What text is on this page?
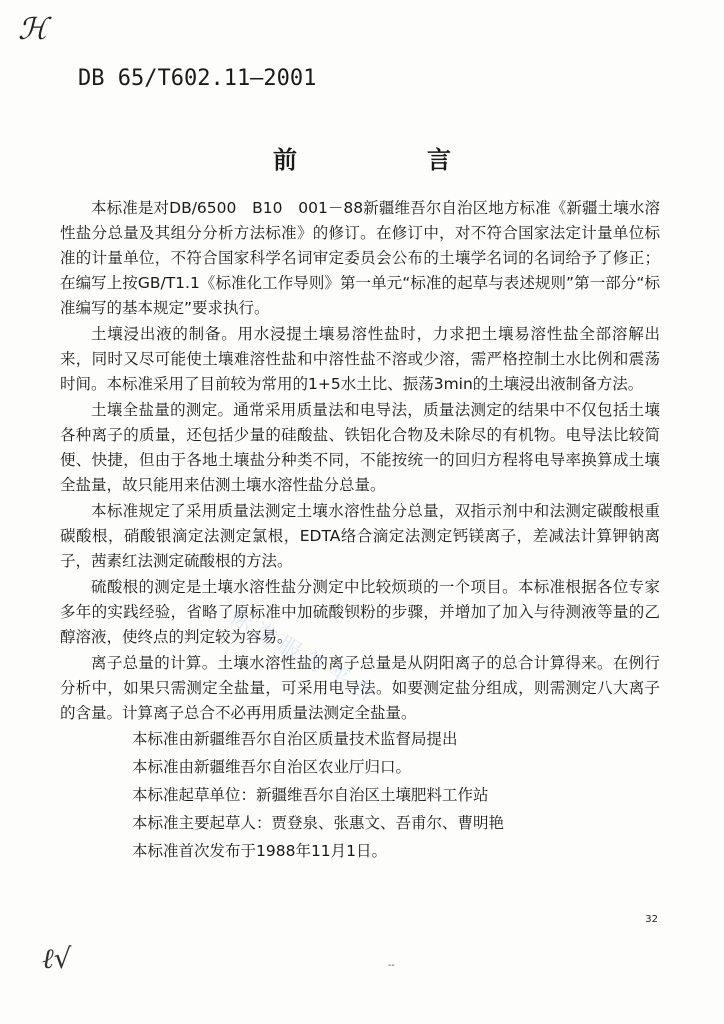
ℋ
DB 65/T602.11—2001
前言

本标准是对DB/6500　B10　001－88新疆维吾尔自治区地方标准《新疆土壤水溶性盐分总量及其组分分析方法标准》的修订。在修订中，对不符合国家法定计量单位标准的计量单位，不符合国家科学名词审定委员会公布的土壤学名词的名词给予了修正；在编写上按GB/T1.1《标准化工作导则》第一单元“标准的起草与表述规则”第一部分“标准编写的基本规定”要求执行。

土壤浸出液的制备。用水浸提土壤易溶性盐时，力求把土壤易溶性盐全部溶解出来，同时又尽可能使土壤难溶性盐和中溶性盐不溶或少溶，需严格控制土水比例和震荡时间。本标准采用了目前较为常用的1+5水土比、振荡3min的土壤浸出液制备方法。

土壤全盐量的测定。通常采用质量法和电导法，质量法测定的结果中不仅包括土壤各种离子的质量，还包括少量的硅酸盐、铁铝化合物及未除尽的有机物。电导法比较简便、快捷，但由于各地土壤盐分种类不同，不能按统一的回归方程将电导率换算成土壤全盐量，故只能用来估测土壤水溶性盐分总量。

本标准规定了采用质量法测定土壤水溶性盐分总量，双指示剂中和法测定碳酸根重碳酸根，硝酸银滴定法测定氯根，EDTA络合滴定法测定钙镁离子，差减法计算钾钠离子，茜素红法测定硫酸根的方法。

硫酸根的测定是土壤水溶性盐分测定中比较烦琐的一个项目。本标准根据各位专家多年的实践经验，省略了原标准中加硫酸钡粉的步骤，并增加了加入与待测液等量的乙醇溶液，使终点的判定较为容易。

离子总量的计算。土壤水溶性盐的离子总量是从阴阳离子的总合计算得来。在例行分析中，如果只需测定全盐量，可采用电导法。如要测定盐分组成，则需测定八大离子的含量。计算离子总合不必再用质量法测定全盐量。

本标准由新疆维吾尔自治区质量技术监督局提出

本标准由新疆维吾尔自治区农业厅归口。

本标准起草单位：新疆维吾尔自治区土壤肥料工作站

本标准主要起草人：贾登泉、张惠文、吾甫尔、曹明艳

本标准首次发布于1988年11月1日。

标准服务平台
32
ℓ√	--
